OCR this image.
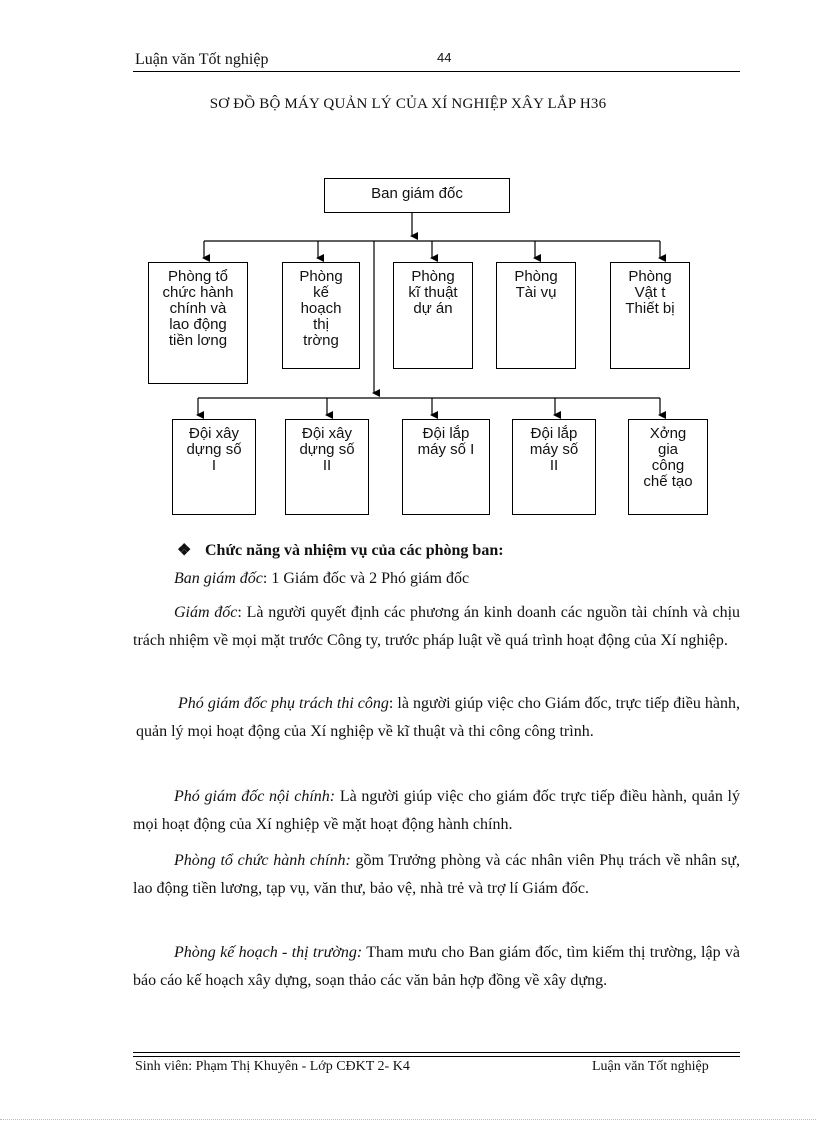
Luận văn Tốt nghiệp	44
SƠ ĐỒ BỘ MÁY QUẢN LÝ CỦA XÍ NGHIỆP XÂY LẮP H36
Ban giám đốc
Phòng tổ
chức hành
chính và
lao động
tiền lơng
Phòng
kế
hoạch
thị
trờng
Phòng
kĩ thuật
dự án
Phòng
Tài vụ
Phòng
Vật t
Thiết bị
Đội xây
dựng số
I
Đội xây
dựng số
II
Đội lắp
máy số I
Đội lắp
máy số
II
Xởng
gia
công
chế tạo
❖ Chức năng và nhiệm vụ của các phòng ban:
Ban giám đốc: 1 Giám đốc và 2 Phó giám đốc
Giám đốc: Là người quyết định các phương án kinh doanh các nguồn tài chính và chịu trách nhiệm về mọi mặt trước Công ty, trước pháp luật về quá trình hoạt động của Xí nghiệp.
Phó giám đốc phụ trách thi công: là người giúp việc cho Giám đốc, trực tiếp điều hành, quản lý mọi hoạt động của Xí nghiệp về kĩ thuật và thi công công trình.
Phó giám đốc nội chính: Là người giúp việc cho giám đốc trực tiếp điều hành, quản lý mọi hoạt động của Xí nghiệp về mặt hoạt động hành chính.
Phòng tổ chức hành chính: gồm Trưởng phòng và các nhân viên Phụ trách về nhân sự, lao động tiền lương, tạp vụ, văn thư, bảo vệ, nhà trẻ và trợ lí Giám đốc.
Phòng kế hoạch - thị trường: Tham mưu cho Ban giám đốc, tìm kiếm thị trường, lập và báo cáo kế hoạch xây dựng, soạn thảo các văn bản hợp đồng về xây dựng.
Sinh viên: Phạm Thị Khuyên - Lớp CĐKT 2- K4	Luận văn Tốt nghiệp
